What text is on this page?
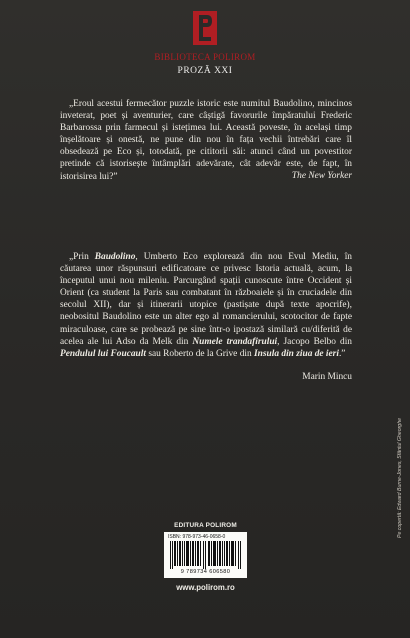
BIBLIOTECA POLIROM
PROZĂ XXI

„Eroul acestui fermecător puzzle istoric este numitul Baudolino, mincinos inveterat, poet și aventurier, care câștigă favorurile împăratului Frederic Barbarossa prin farmecul și istețimea lui. Această poveste, în același timp înșelătoare și onestă, ne pune din nou în fața vechii întrebări care îl obsedează pe Eco și, totodată, pe cititorii săi: atunci când un povestitor pretinde că istorisește întâmplări adevărate, cât adevăr este, de fapt, în istorisirea lui?”	The New Yorker

„Prin Baudolino, Umberto Eco explorează din nou Evul Mediu, în căutarea unor răspunsuri edificatoare ce privesc Istoria actuală, acum, la începutul unui nou mileniu. Parcurgând spații cunoscute între Occident și Orient (ca student la Paris sau combatant în războaiele și în cruciadele din secolul XII), dar și itinerarii utopice (pastișate după texte apocrife), neobositul Baudolino este un alter ego al romancierului, scotocitor de fapte miraculoase, care se probează pe sine într-o ipostază similară cu/diferită de acelea ale lui Adso da Melk din Numele trandafirului, Jacopo Belbo din Pendulul lui Foucault sau Roberto de la Grive din Insula din ziua de ieri.”

Marin Mincu
EDITURA POLIROM
ISBN: 978-973-46-0658-0
9 789734 606580
www.polirom.ro
Pe copertă: Edward Burne-Jones, Sfântul Gheorghe
